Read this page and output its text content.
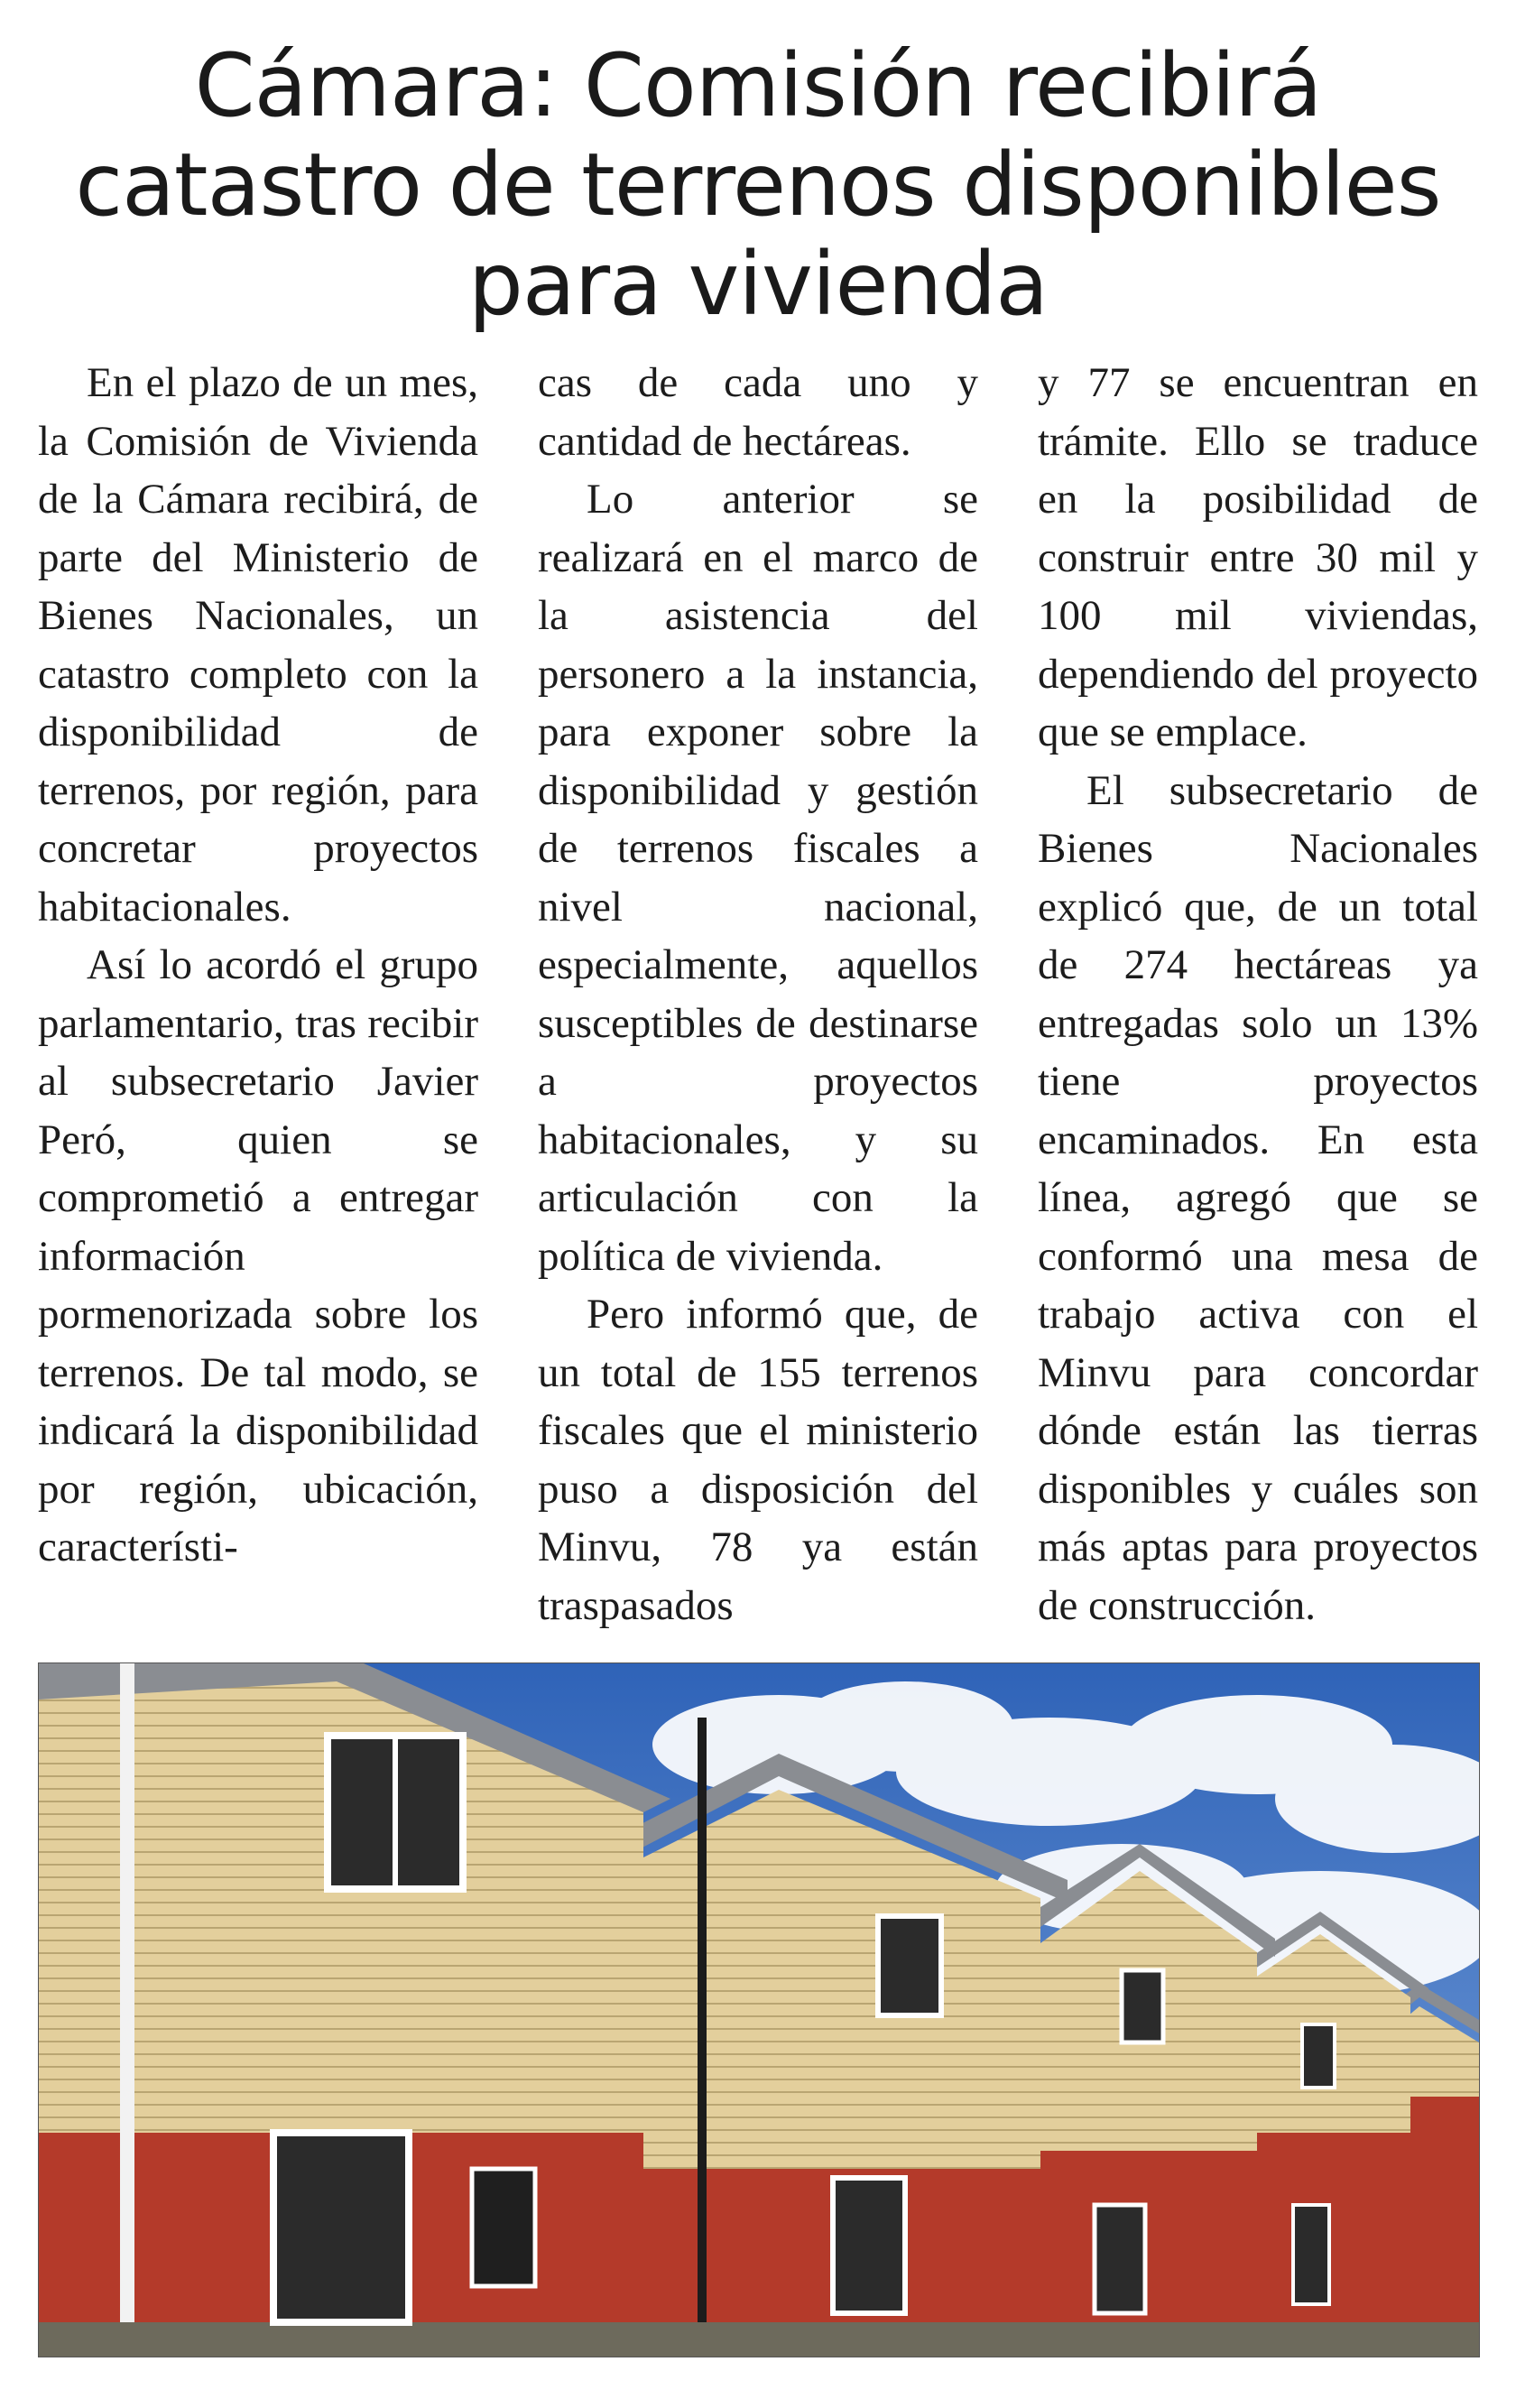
Cámara: Comisión recibirá
catastro de terrenos disponibles
para vivienda

En el plazo de un mes, la Comisión de Vivienda de la Cámara recibirá, de parte del Ministerio de Bienes Nacionales, un catastro completo con la disponibilidad de terrenos, por región, para concretar proyectos habitacionales.

Así lo acordó el grupo parlamentario, tras recibir al subsecretario Javier Peró, quien se comprometió a entregar información pormenorizada sobre los terrenos. De tal modo, se indicará la disponibilidad por región, ubicación, característi-

cas de cada uno y cantidad de hectáreas.

Lo anterior se realizará en el marco de la asistencia del personero a la instancia, para exponer sobre la disponibilidad y gestión de terrenos fiscales a nivel nacional, especialmente, aquellos susceptibles de destinarse a proyectos habitacionales, y su articulación con la política de vivienda.

Pero informó que, de un total de 155 terrenos fiscales que el ministerio puso a disposición del Minvu, 78 ya están traspasados

y 77 se encuentran en trámite. Ello se traduce en la posibilidad de construir entre 30 mil y 100 mil viviendas, dependiendo del proyecto que se emplace.

El subsecretario de Bienes Nacionales explicó que, de un total de 274 hectáreas ya entregadas solo un 13% tiene proyectos encaminados. En esta línea, agregó que se conformó una mesa de trabajo activa con el Minvu para concordar dónde están las tierras disponibles y cuáles son más aptas para proyectos de construcción.
